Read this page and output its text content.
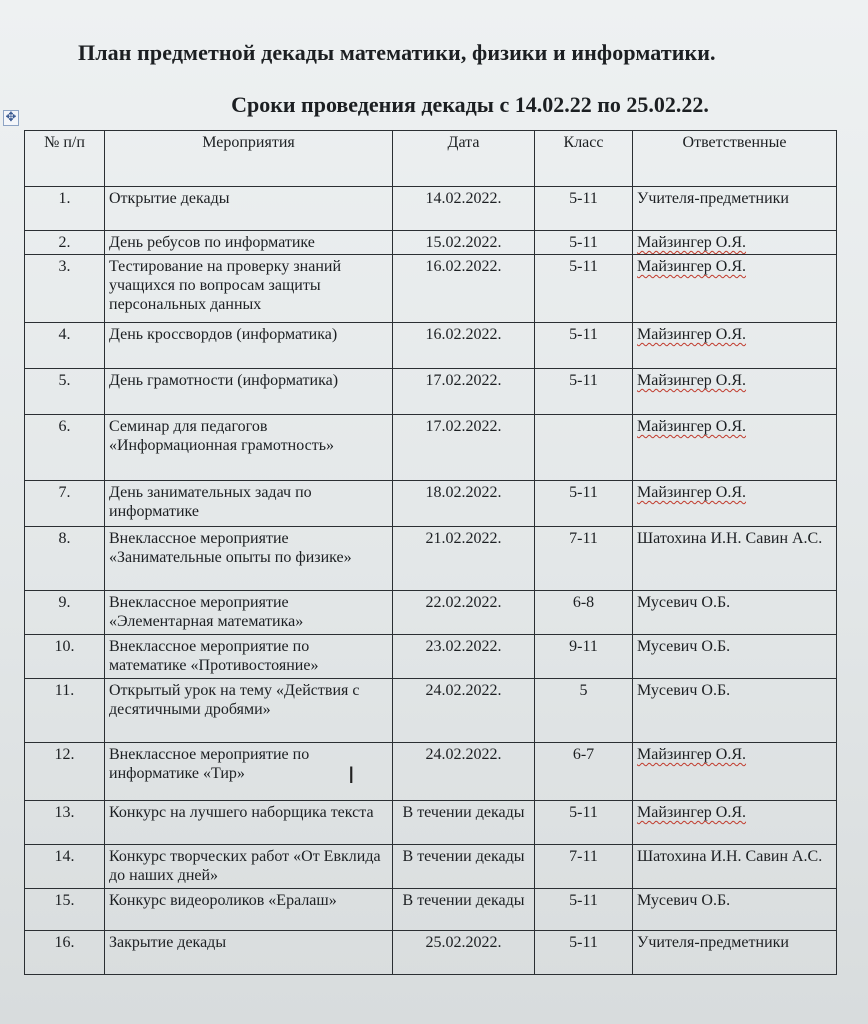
План предметной декады математики, физики и информатики.
Сроки проведения декады с 14.02.22 по 25.02.22.
✥
№ п/п	Мероприятия	Дата	Класс	Ответственные
1.	Открытие декады	14.02.2022.	5-11	Учителя-предметники
2.	День ребусов по информатике	15.02.2022.	5-11	Майзингер О.Я.
3.	Тестирование на проверку знаний учащихся по вопросам защиты персональных данных	16.02.2022.	5-11	Майзингер О.Я.
4.	День кроссвордов (информатика)	16.02.2022.	5-11	Майзингер О.Я.
5.	День грамотности (информатика)	17.02.2022.	5-11	Майзингер О.Я.
6.	Семинар для педагогов «Информационная грамотность»	17.02.2022.		Майзингер О.Я.
7.	День занимательных задач по информатике	18.02.2022.	5-11	Майзингер О.Я.
8.	Внеклассное мероприятие «Занимательные опыты по физике»	21.02.2022.	7-11	Шатохина И.Н. Савин А.С.
9.	Внеклассное мероприятие «Элементарная математика»	22.02.2022.	6-8	Мусевич О.Б.
10.	Внеклассное мероприятие по математике «Противостояние»	23.02.2022.	9-11	Мусевич О.Б.
11.	Открытый урок на тему «Действия с десятичными дробями»	24.02.2022.	5	Мусевич О.Б.
12.	Внеклассное мероприятие по информатике «Тир»	24.02.2022.	6-7	Майзингер О.Я.
13.	Конкурс на лучшего наборщика текста	В течении декады	5-11	Майзингер О.Я.
14.	Конкурс творческих работ «От Евклида до наших дней»	В течении декады	7-11	Шатохина И.Н. Савин А.С.
15.	Конкурс видеороликов «Ералаш»	В течении декады	5-11	Мусевич О.Б.
16.	Закрытие декады	25.02.2022.	5-11	Учителя-предметники
I
